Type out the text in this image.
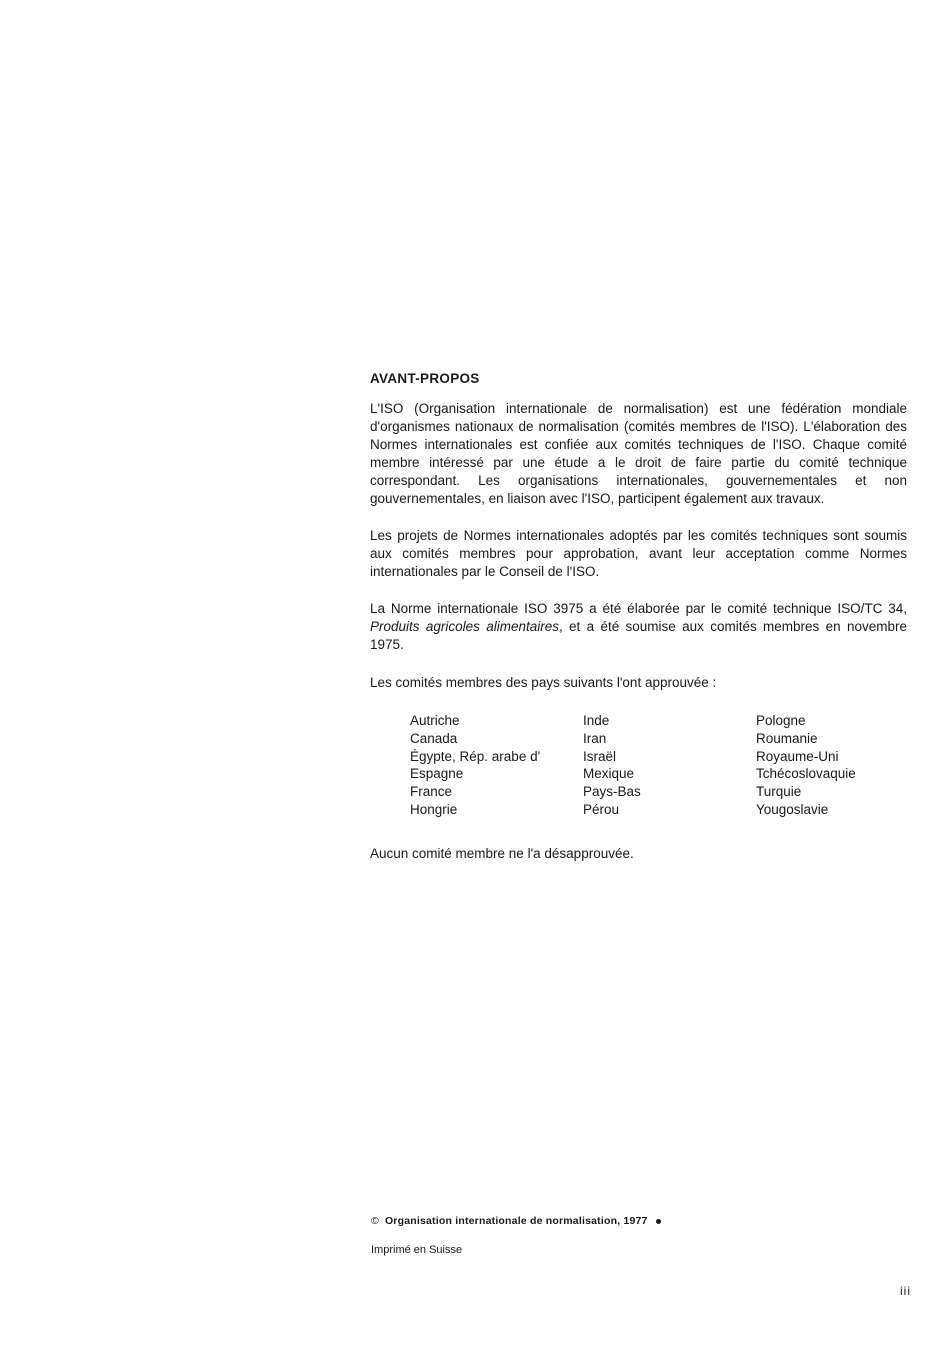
AVANT-PROPOS

L'ISO (Organisation internationale de normalisation) est une fédération mondiale d'organismes nationaux de normalisation (comités membres de l'ISO). L'élaboration des Normes internationales est confiée aux comités techniques de l'ISO. Chaque comité membre intéressé par une étude a le droit de faire partie du comité technique correspondant. Les organisations internationales, gouvernementales et non gouvernementales, en liaison avec l'ISO, participent également aux travaux.

Les projets de Normes internationales adoptés par les comités techniques sont soumis aux comités membres pour approbation, avant leur acceptation comme Normes internationales par le Conseil de l'ISO.

La Norme internationale ISO 3975 a été élaborée par le comité technique ISO/TC 34, Produits agricoles alimentaires, et a été soumise aux comités membres en novembre 1975.

Les comités membres des pays suivants l'ont approuvée :

Autriche
Canada
Égypte, Rép. arabe d'
Espagne
France
Hongrie
Inde
Iran
Israël
Mexique
Pays-Bas
Pérou
Pologne
Roumanie
Royaume-Uni
Tchécoslovaquie
Turquie
Yougoslavie

Aucun comité membre ne l'a désapprouvée.

© Organisation internationale de normalisation, 1977
Imprimé en Suisse
iii
